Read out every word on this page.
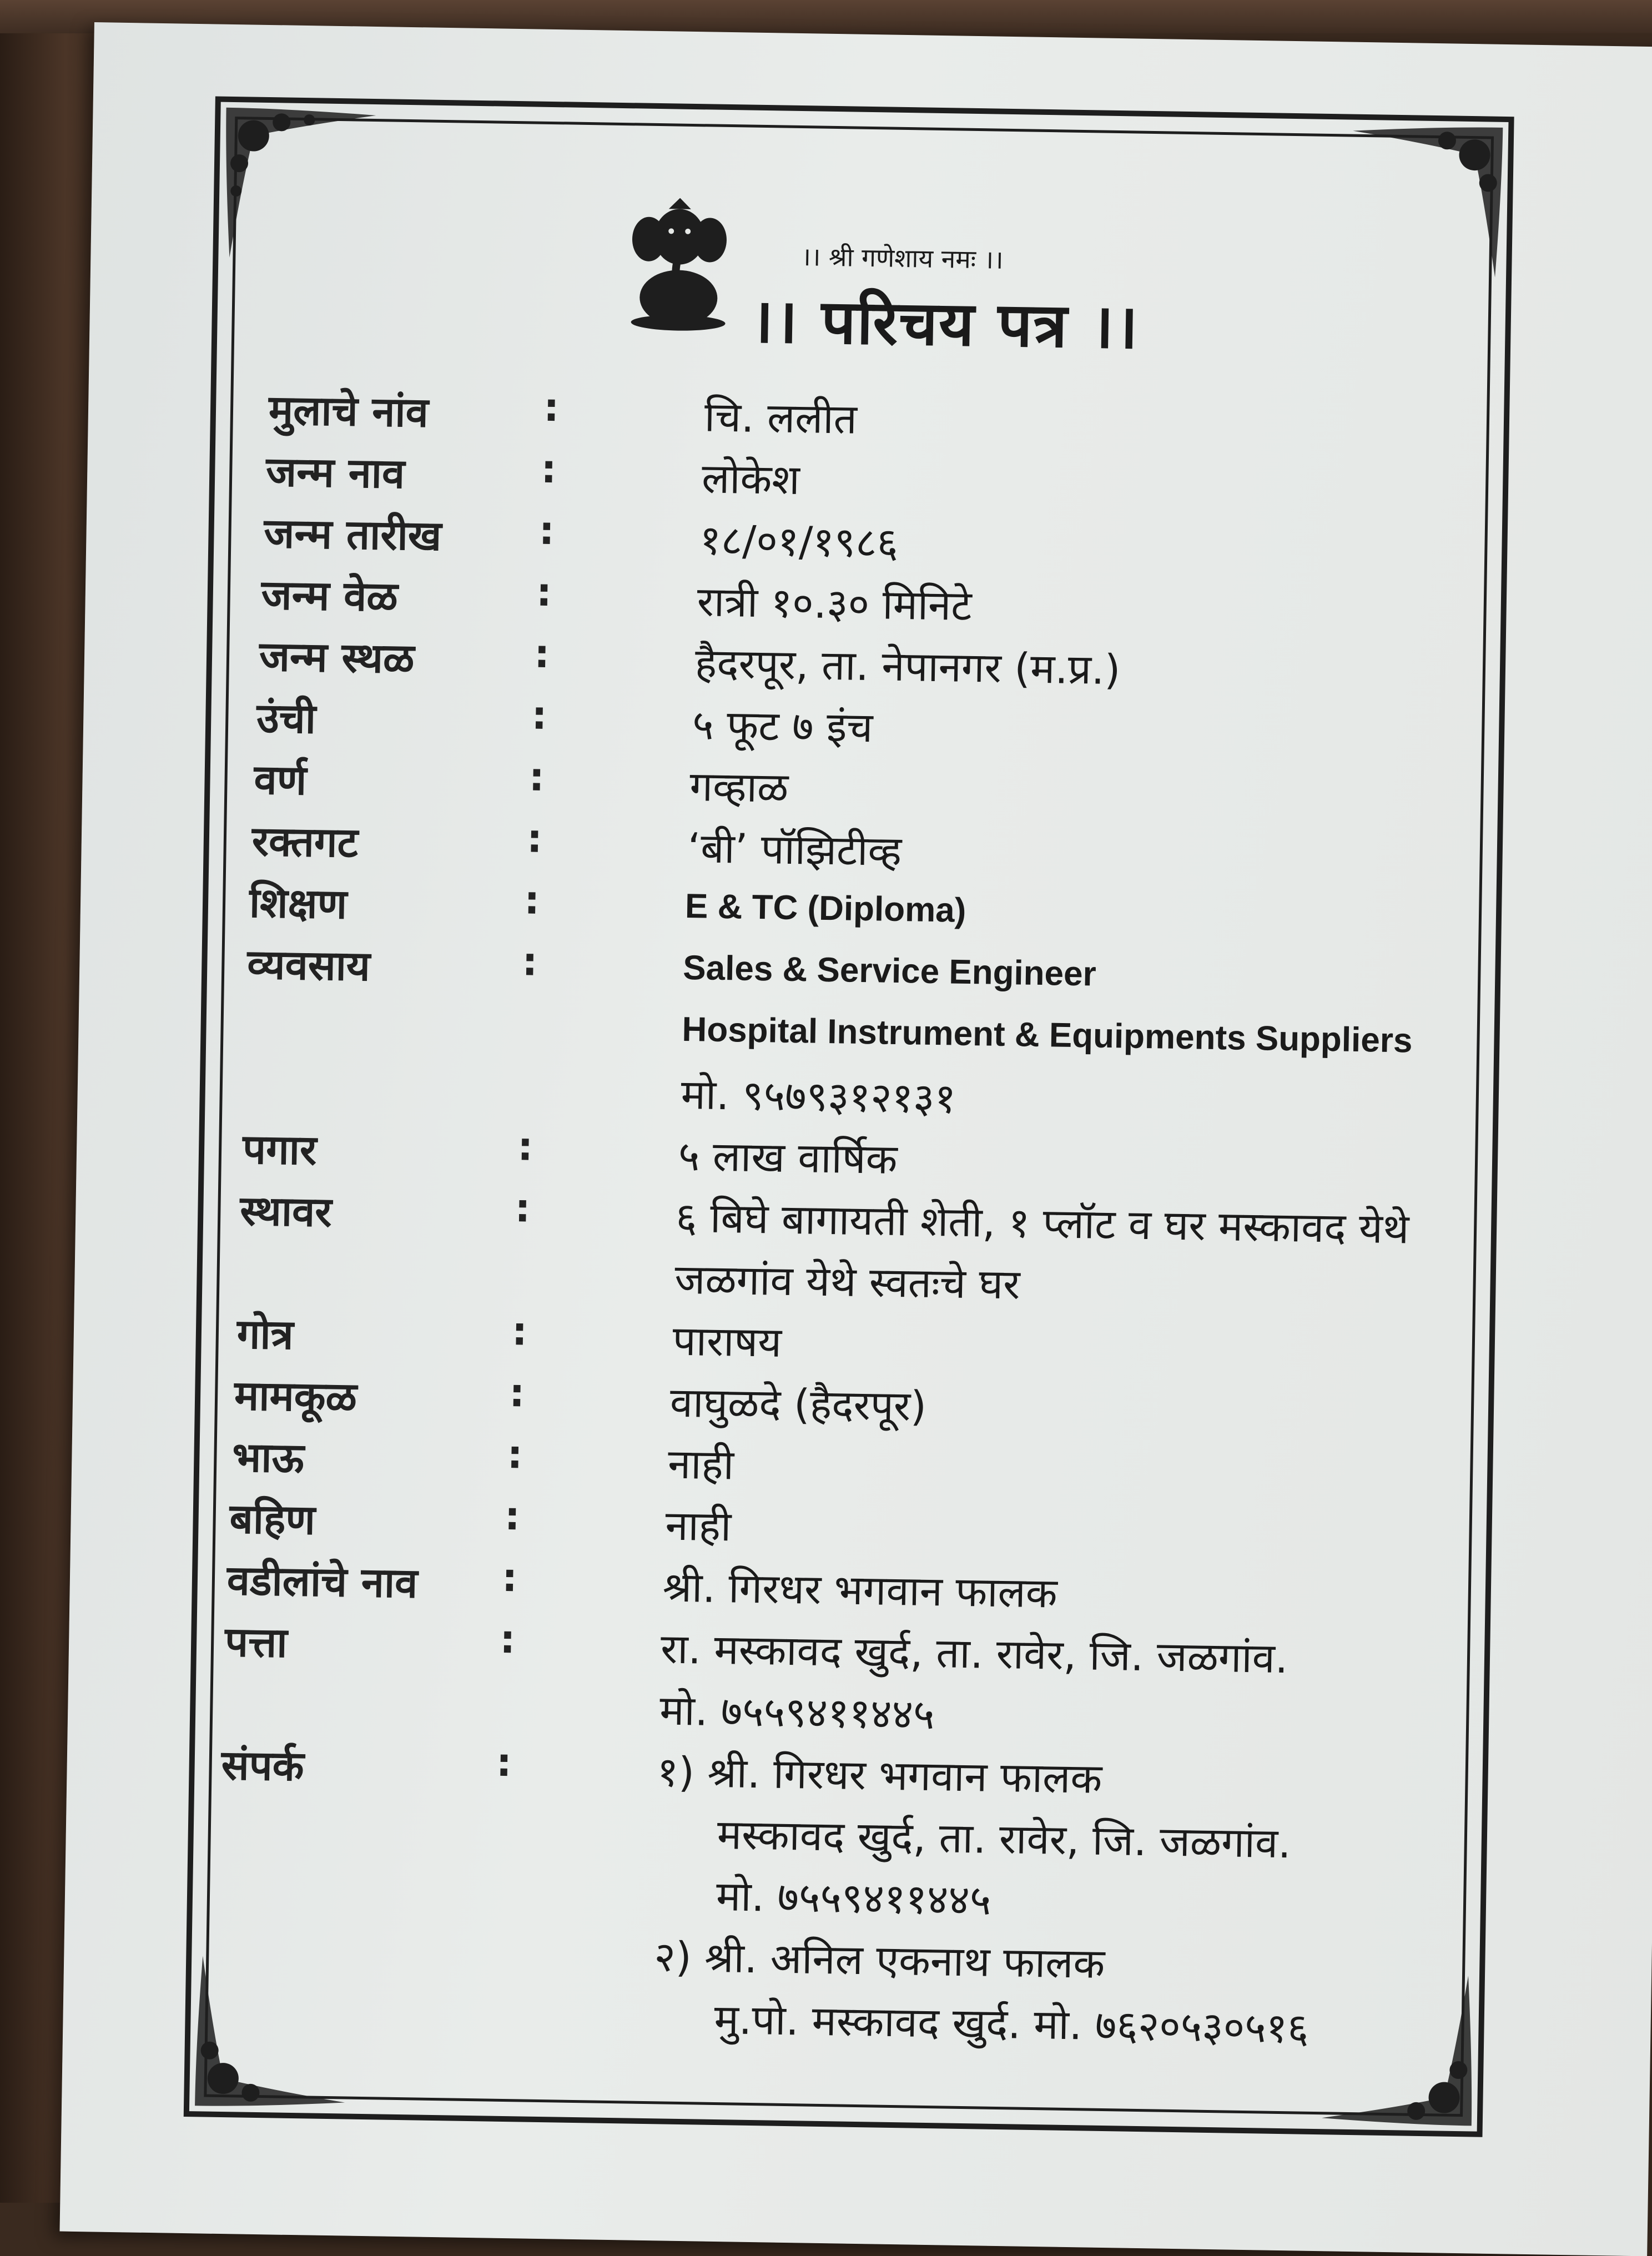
।। श्री गणेशाय नमः ।।
।। परिचय पत्र ।।
मुलाचे नांव	:	चि. ललीत
जन्म नाव	:	लोकेश
जन्म तारीख :	१८/०१/१९८६
जन्म वेळ	:	रात्री १०.३० मिनिटे
जन्म स्थळ	:	हैदरपूर, ता. नेपानगर (म.प्र.)
उंची	:	५ फूट ७ इंच
वर्ण	:	गव्हाळ
रक्तगट	:	‘बी’ पॉझिटीव्ह
शिक्षण	:	E & TC (Diploma)
व्यवसाय	:	Sales & Service Engineer
Hospital Instrument & Equipments Suppliers
मो. ९५७९३१२१३१
पगार	:	५ लाख वार्षिक
स्थावर	:	६ बिघे बागायती शेती, १ प्लॉट व घर मस्कावद येथे
जळगांव येथे स्वतःचे घर
गोत्र	:	पाराषय
मामकूळ	:	वाघुळदे (हैदरपूर)
भाऊ	:	नाही
बहिण	:	नाही
वडीलांचे नाव :	श्री. गिरधर भगवान फालक
पत्ता	:	रा. मस्कावद खुर्द, ता. रावेर, जि. जळगांव.
मो. ७५५९४११४४५
संपर्क	:	१) श्री. गिरधर भगवान फालक
मस्कावद खुर्द, ता. रावेर, जि. जळगांव.
मो. ७५५९४११४४५
२) श्री. अनिल एकनाथ फालक
मु.पो. मस्कावद खुर्द. मो. ७६२०५३०५१६
